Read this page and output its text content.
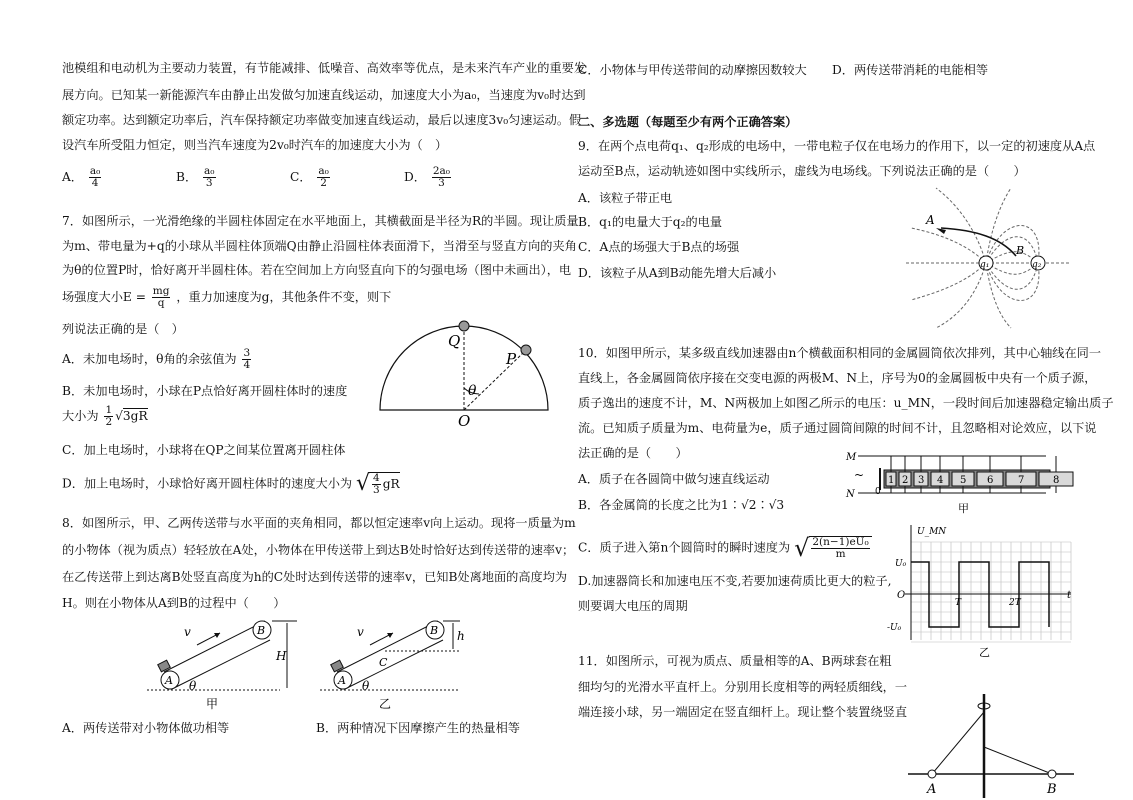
池模组和电动机为主要动力装置，有节能减排、低噪音、高效率等优点，是未来汽车产业的重要发
展方向。已知某一新能源汽车由静止出发做匀加速直线运动，加速度大小为a₀，当速度为v₀时达到
额定功率。达到额定功率后，汽车保持额定功率做变加速直线运动，最后以速度3v₀匀速运动。假
设汽车所受阻力恒定，则当汽车速度为2v₀时汽车的加速度大小为（　）
A． $\frac{\text{a₀}}{4}$	B． $\frac{\text{a₀}}{3}$	C． $\frac{\text{a₀}}{2}$	D． $\frac{\text{2a₀}}{3}$
7．如图所示，一光滑绝缘的半圆柱体固定在水平地面上，其横截面是半径为R的半圆。现让质量
为m、带电量为+q的小球从半圆柱体顶端Q由静止沿圆柱体表面滑下，当滑至与竖直方向的夹角
为θ的位置P时，恰好离开半圆柱体。若在空间加上方向竖直向下的匀强电场（图中未画出），电
场强度大小$E = \frac{mg}{q}$ ，重力加速度为g，其他条件不变，则下
列说法正确的是（　）
A．未加电场时，θ角的余弦值为 $\frac{3}{4}$
B．未加电场时，小球在P点恰好离开圆柱体时的速度
大小为 $\frac{1}{2} √3gR$
C．加上电场时，小球将在QP之间某位置离开圆柱体
D．加上电场时，小球恰好离开圆柱体时的速度大小为 √ $\frac{4}{3}$ gR
Q
P
θ
O
8．如图所示，甲、乙两传送带与水平面的夹角相同，都以恒定速率v向上运动。现将一质量为m
的小物体（视为质点）轻轻放在A处，小物体在甲传送带上到达B处时恰好达到传送带的速率v；
在乙传送带上到达离B处竖直高度为h的C处时达到传送带的速率v，已知B处离地面的高度均为
H。则在小物体从A到B的过程中（　　）
v
A
B
H
θ
甲
v
A
B
C
h
θ
乙
A．两传送带对小物体做功相等	B．两种情况下因摩擦产生的热量相等
C．小物体与甲传送带间的动摩擦因数较大 D．两传送带消耗的电能相等
二、多选题（每题至少有两个正确答案）
9．在两个点电荷q₁、q₂形成的电场中，一带电粒子仅在电场力的作用下，以一定的初速度从A点
运动至B点，运动轨迹如图中实线所示，虚线为电场线。下列说法正确的是（　　）
A．该粒子带正电
B．q₁的电量大于q₂的电量
C．A点的场强大于B点的场强
D．该粒子从A到B动能先增大后减小
A
B
q₁	q₂
10．如图甲所示，某多级直线加速器由n个横截面积相同的金属圆筒依次排列，其中心轴线在同一
直线上，各金属圆筒依序接在交变电源的两极M、N上，序号为0的金属圆板中央有一个质子源，
质子逸出的速度不计，M、N两极加上如图乙所示的电压：u_MN，一段时间后加速器稳定输出质子
流。已知质子质量为m、电荷量为e，质子通过圆筒间隙的时间不计，且忽略相对论效应，以下说
法正确的是（　　）
A．质子在各圆筒中做匀速直线运动
B．各金属筒的长度之比为1∶√2∶√3
C．质子进入第n个圆筒时的瞬时速度为 √ $\frac{\text{2(n−1)eU₀}}{m}$
D.加速器筒长和加速电压不变,若要加速荷质比更大的粒子,
则要调大电压的周期
M
N
~
0
1 2 3 4 5 6 7	8
甲
U_MN
U₀
O	t
T	2T
-U₀
乙
11．如图所示，可视为质点、质量相等的A、B两球套在粗
细均匀的光滑水平直杆上。分别用长度相等的两轻质细线，一
端连接小球，另一端固定在竖直细杆上。现让整个装置绕竖直
A	B
